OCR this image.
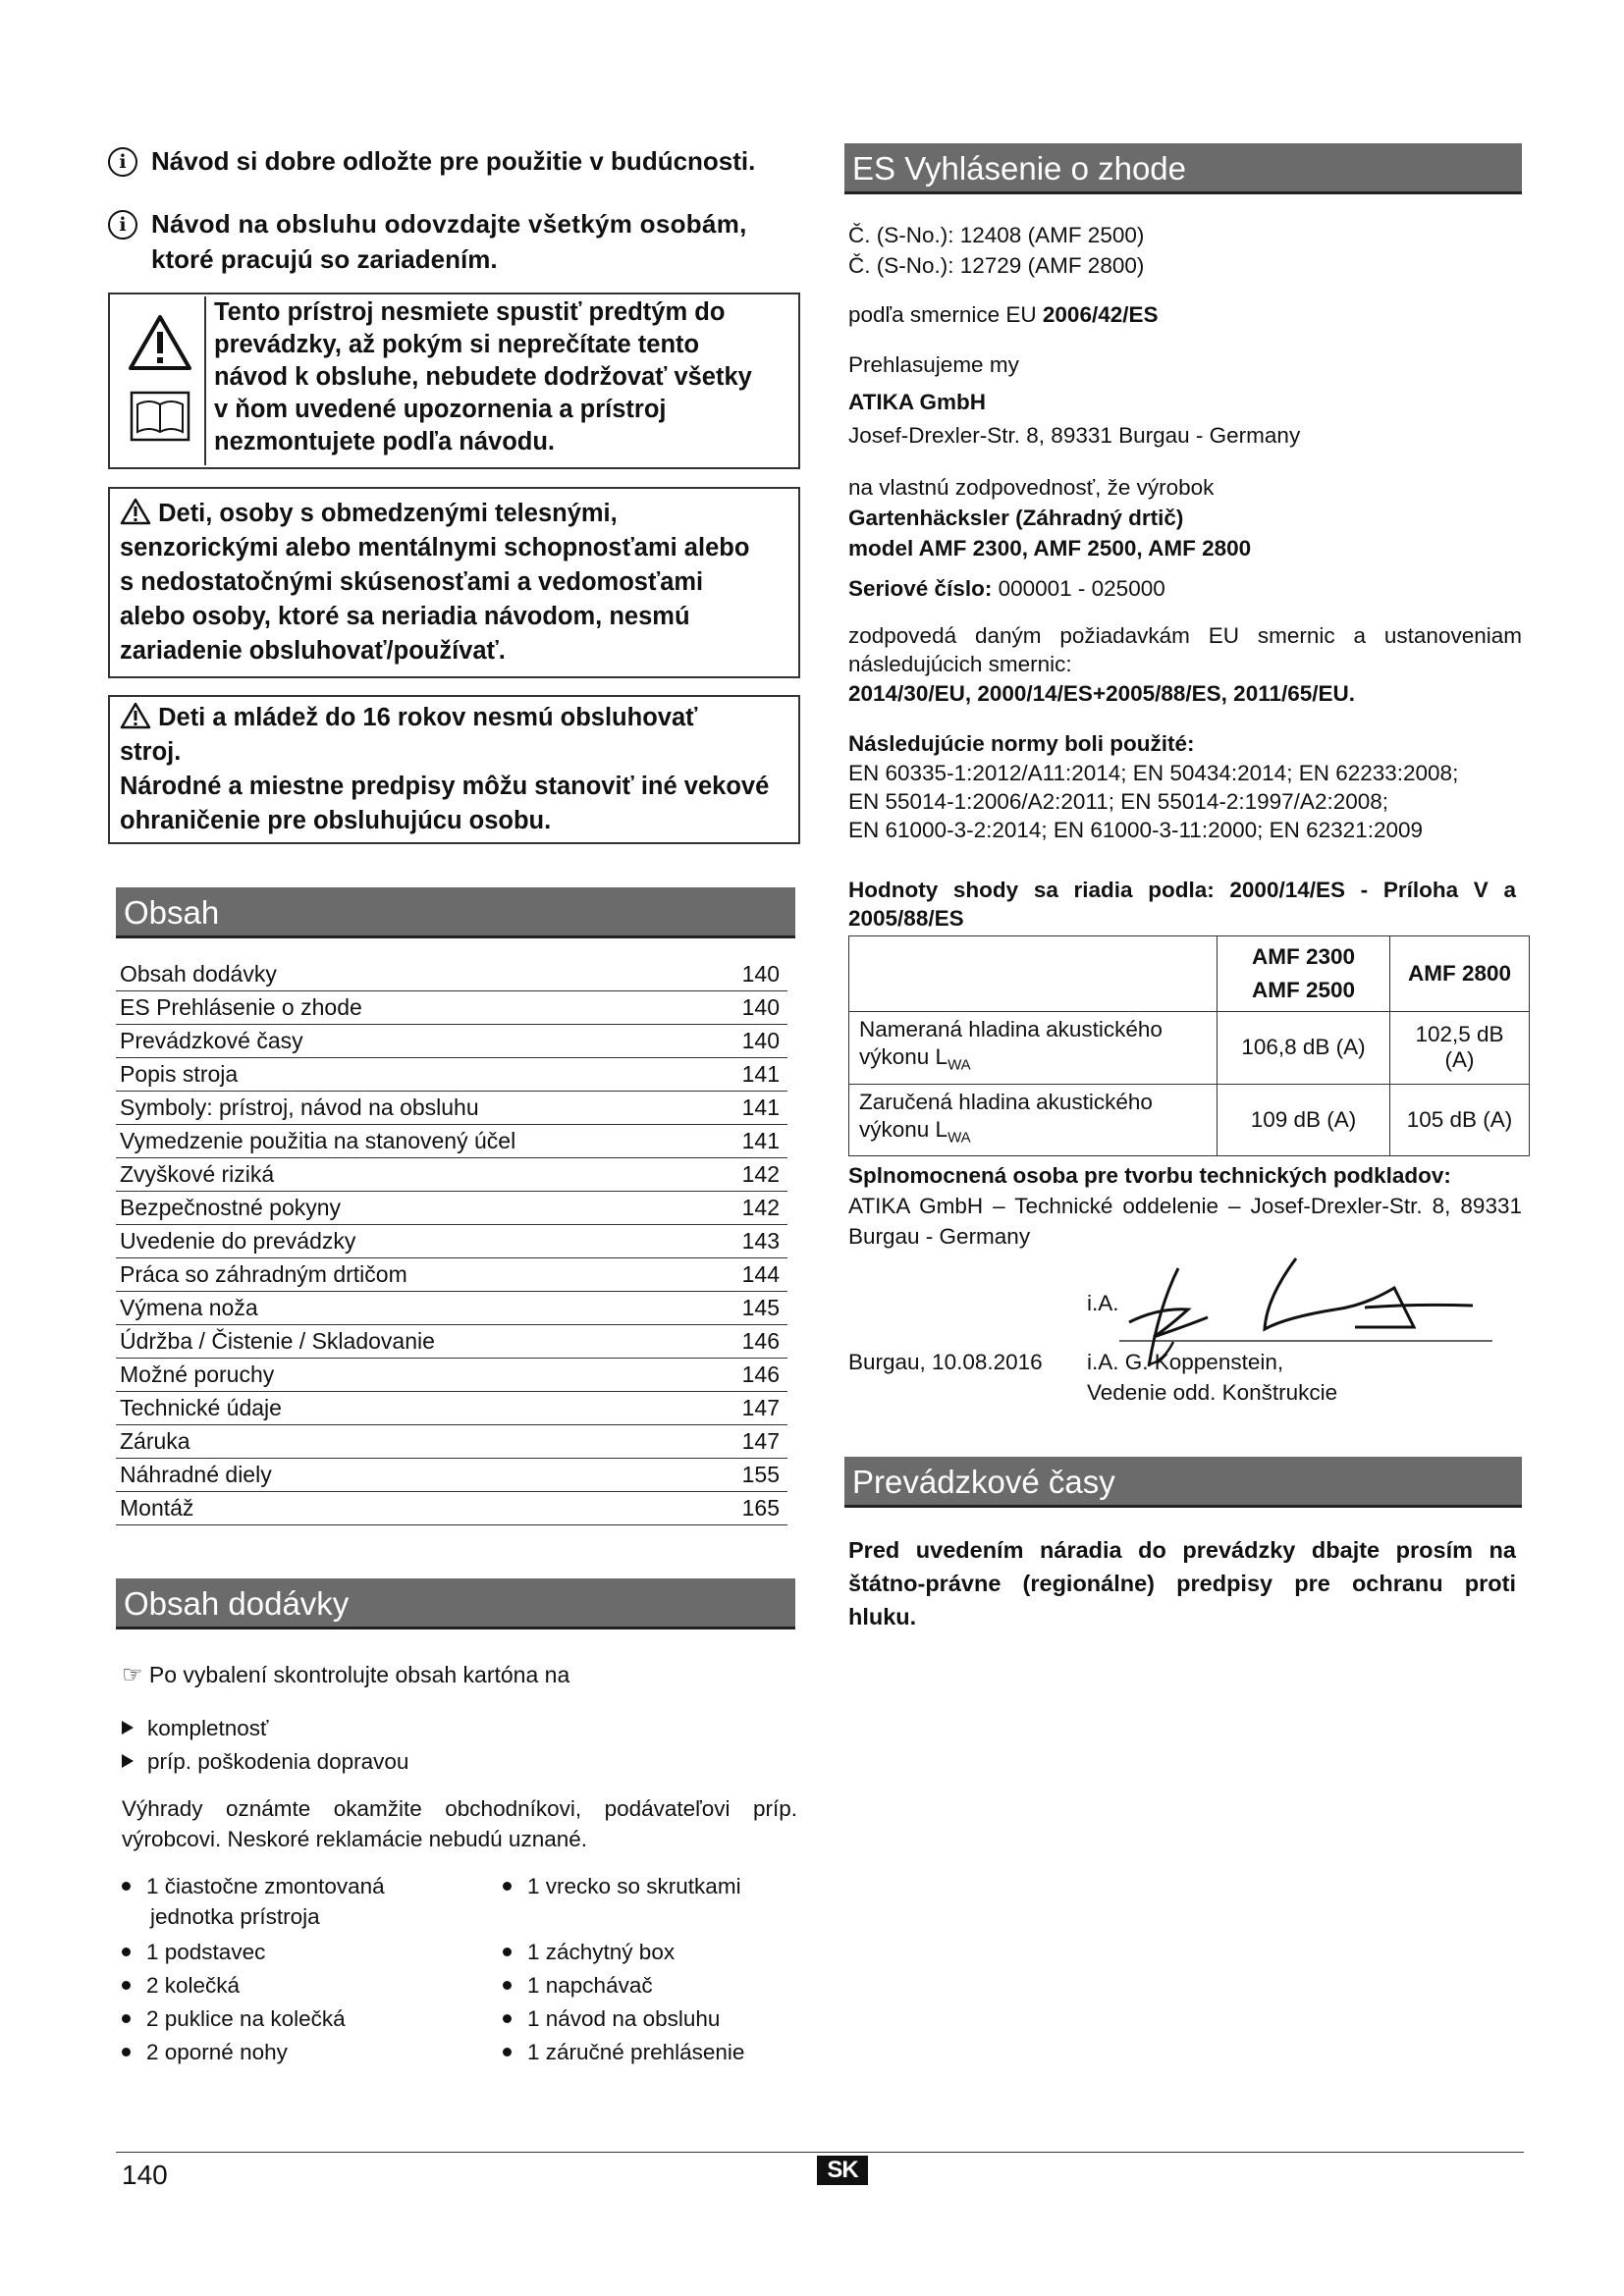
i Návod si dobre odložte pre použitie v budúcnosti.
i Návod na obsluhu odovzdajte všetkým osobám,
ktoré pracujú so zariadením.
Tento prístroj nesmiete spustiť predtým do
prevádzky, až pokým si neprečítate tento
návod k obsluhe, nebudete dodržovať všetky
v ňom uvedené upozornenia a prístroj
nezmontujete podľa návodu.
Deti, osoby s obmedzenými telesnými,
senzorickými alebo mentálnymi schopnosťami alebo
s nedostatočnými skúsenosťami a vedomosťami
alebo osoby, ktoré sa neriadia návodom, nesmú
zariadenie obsluhovať/používať.
Deti a mládež do 16 rokov nesmú obsluhovať
stroj.
Národné a miestne predpisy môžu stanoviť iné vekové
ohraničenie pre obsluhujúcu osobu.
Obsah
Obsah dodávky	140
ES Prehlásenie o zhode	140
Prevádzkové časy	140
Popis stroja	141
Symboly: prístroj, návod na obsluhu	141
Vymedzenie použitia na stanovený účel	141
Zvyškové riziká	142
Bezpečnostné pokyny	142
Uvedenie do prevádzky	143
Práca so záhradným drtičom	144
Výmena noža	145
Údržba / Čistenie / Skladovanie	146
Možné poruchy	146
Technické údaje	147
Záruka	147
Náhradné diely	155
Montáž	165
Obsah dodávky
☞ Po vybalení skontrolujte obsah kartóna na
kompletnosť
príp. poškodenia dopravou
Výhrady oznámte okamžite obchodníkovi, podávateľovi príp.
výrobcovi. Neskoré reklamácie nebudú uznané.
1 čiastočne zmontovaná
jednotka prístroja
1 podstavec
2 kolečká
2 puklice na kolečká
2 oporné nohy
1 vrecko so skrutkami
1 záchytný box
1 napchávač
1 návod na obsluhu
1 záručné prehlásenie
ES Vyhlásenie o zhode
Č. (S-No.): 12408 (AMF 2500)
Č. (S-No.): 12729 (AMF 2800)
podľa smernice EU 2006/42/ES
Prehlasujeme my
ATIKA GmbH
Josef-Drexler-Str. 8, 89331 Burgau - Germany
na vlastnú zodpovednosť, že výrobok
Gartenhäcksler (Záhradný drtič)
model AMF 2300, AMF 2500, AMF 2800
Seriové číslo: 000001 - 025000
zodpovedá daným požiadavkám EU smernic a ustanoveniam
následujúcich smernic:
2014/30/EU, 2000/14/ES+2005/88/ES, 2011/65/EU.
Následujúcie normy boli použité:
EN 60335-1:2012/A11:2014; EN 50434:2014; EN 62233:2008;
EN 55014-1:2006/A2:2011; EN 55014-2:1997/A2:2008;
EN 61000-3-2:2014; EN 61000-3-11:2000; EN 62321:2009
Hodnoty shody sa riadia podla: 2000/14/ES - Príloha V a
2005/88/ES

	AMF 2300
AMF 2500	AMF 2800

Nameraná hladina akustického
výkonu $L_{WA}$	106,8 dB (A)	102,5 dB (A)

Zaručená hladina akustického
výkonu $L_{WA}$	109 dB (A)	105 dB (A)
Splnomocnená osoba pre tvorbu technických podkladov:
ATIKA GmbH – Technické oddelenie – Josef-Drexler-Str. 8, 89331
Burgau - Germany
i.A.
Burgau, 10.08.2016 i.A. G. Koppenstein,
Vedenie odd. Konštrukcie
Prevádzkové časy
Pred uvedením náradia do prevádzky dbajte prosím na
štátno-právne (regionálne) predpisy pre ochranu proti
hluku.
140	SK
